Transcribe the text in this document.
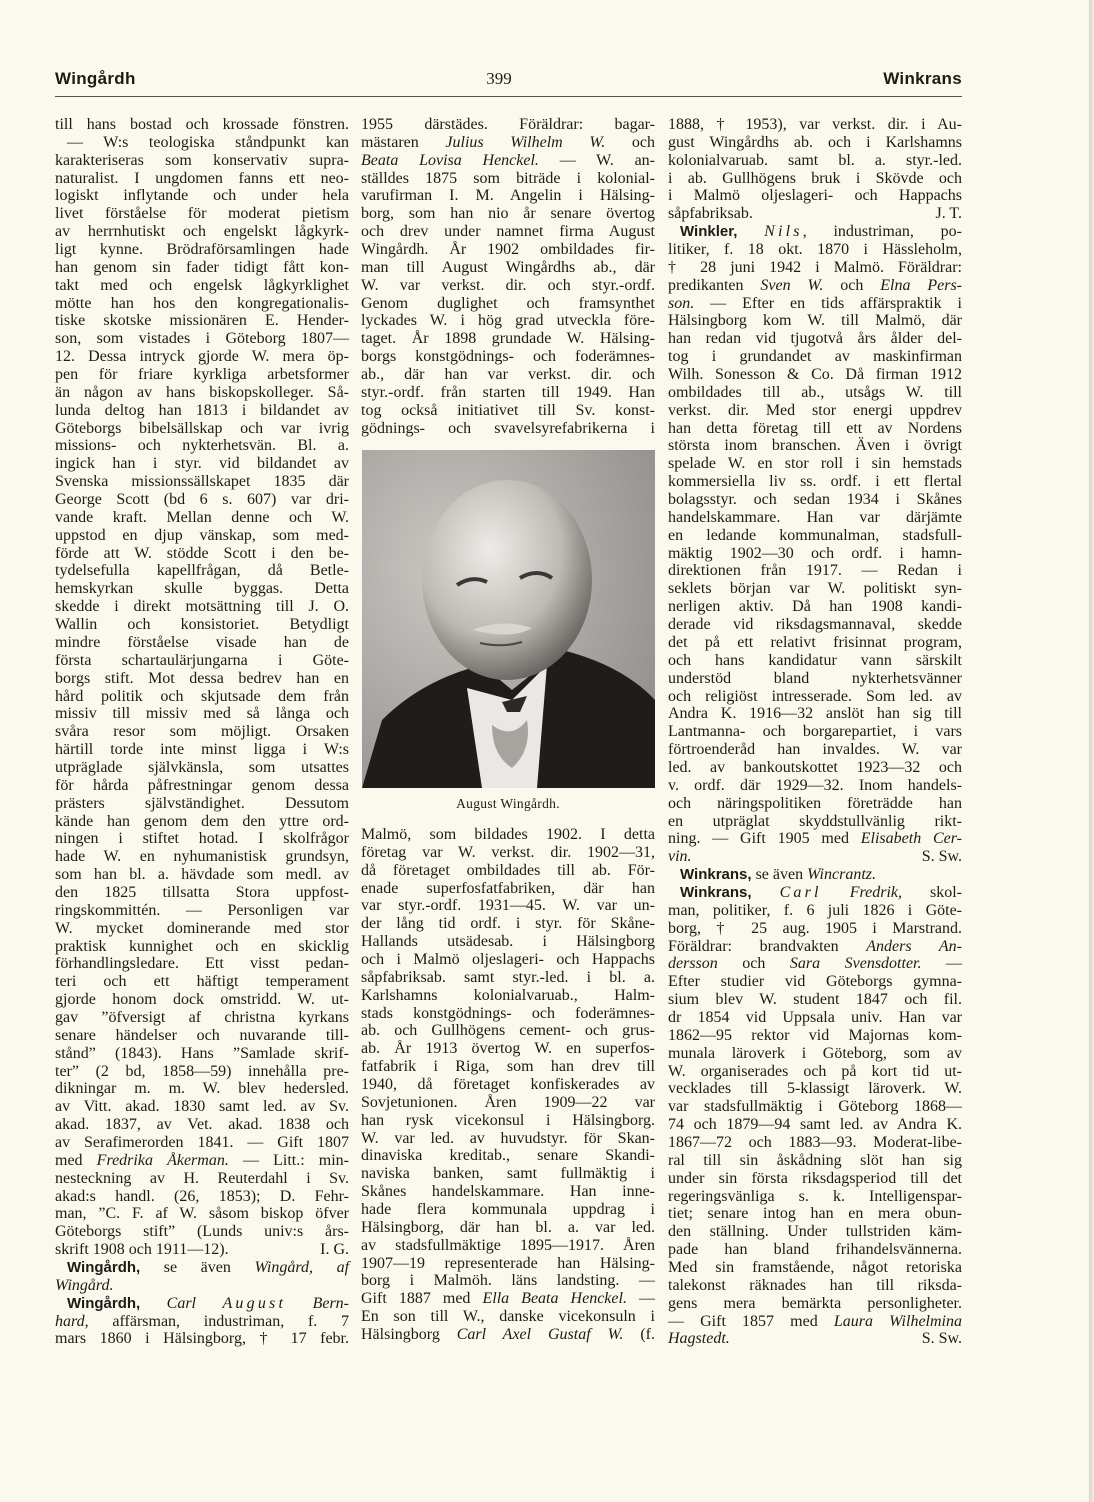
Wingårdh	399	Winkrans
till hans bostad och krossade fönstren.
— W:s teologiska ståndpunkt kan
karakteriseras som konservativ supra-
naturalist. I ungdomen fanns ett neo-
logiskt inflytande och under hela
livet förståelse för moderat pietism
av herrnhutiskt och engelskt lågkyrk-
ligt kynne. Brödraförsamlingen hade
han genom sin fader tidigt fått kon-
takt med och engelsk lågkyrklighet
mötte han hos den kongregationalis-
tiske skotske missionären E. Hender-
son, som vistades i Göteborg 1807—
12. Dessa intryck gjorde W. mera öp-
pen för friare kyrkliga arbetsformer
än någon av hans biskopskolleger. Så-
lunda deltog han 1813 i bildandet av
Göteborgs bibelsällskap och var ivrig
missions- och nykterhetsvän. Bl. a.
ingick han i styr. vid bildandet av
Svenska missionssällskapet 1835 där
George Scott (bd 6 s. 607) var dri-
vande kraft. Mellan denne och W.
uppstod en djup vänskap, som med-
förde att W. stödde Scott i den be-
tydelsefulla kapellfrågan, då Betle-
hemskyrkan skulle byggas. Detta
skedde i direkt motsättning till J. O.
Wallin och konsistoriet. Betydligt
mindre förståelse visade han de
första schartaulärjungarna i Göte-
borgs stift. Mot dessa bedrev han en
hård politik och skjutsade dem från
missiv till missiv med så långa och
svåra resor som möjligt. Orsaken
härtill torde inte minst ligga i W:s
utpräglade självkänsla, som utsattes
för hårda påfrestningar genom dessa
prästers självständighet. Dessutom
kände han genom dem den yttre ord-
ningen i stiftet hotad. I skolfrågor
hade W. en nyhumanistisk grundsyn,
som han bl. a. hävdade som medl. av
den 1825 tillsatta Stora uppfost-
ringskommittén. — Personligen var
W. mycket dominerande med stor
praktisk kunnighet och en skicklig
förhandlingsledare. Ett visst pedan-
teri och ett häftigt temperament
gjorde honom dock omstridd. W. ut-
gav ”öfversigt af christna kyrkans
senare händelser och nuvarande till-
stånd” (1843). Hans ”Samlade skrif-
ter” (2 bd, 1858—59) innehålla pre-
dikningar m. m. W. blev hedersled.
av Vitt. akad. 1830 samt led. av Sv.
akad. 1837, av Vet. akad. 1838 och
av Serafimerorden 1841. — Gift 1807
med Fredrika Åkerman. — Litt.: min-
nesteckning av H. Reuterdahl i Sv.
akad:s handl. (26, 1853); D. Fehr-
man, ”C. F. af W. såsom biskop öfver
Göteborgs stift” (Lunds univ:s års-
skrift 1908 och 1911—12).	I. G.
Wingårdh, se även Wingård, af
Wingård.
Wingårdh, Carl August Bern-
hard, affärsman, industriman, f. 7
mars 1860 i Hälsingborg, † 17 febr.
1955 därstädes. Föräldrar: bagar-
mästaren Julius Wilhelm W. och
Beata Lovisa Henckel. — W. an-
ställdes 1875 som biträde i kolonial-
varufirman I. M. Angelin i Hälsing-
borg, som han nio år senare övertog
och drev under namnet firma August
Wingårdh. År 1902 ombildades fir-
man till August Wingårdhs ab., där
W. var verkst. dir. och styr.-ordf.
Genom duglighet och framsynthet
lyckades W. i hög grad utveckla före-
taget. År 1898 grundade W. Hälsing-
borgs konstgödnings- och foderämnes-
ab., där han var verkst. dir. och
styr.-ordf. från starten till 1949. Han
tog också initiativet till Sv. konst-
gödnings- och svavelsyrefabrikerna i
August Wingårdh.
Malmö, som bildades 1902. I detta
företag var W. verkst. dir. 1902—31,
då företaget ombildades till ab. För-
enade superfosfatfabriken, där han
var styr.-ordf. 1931—45. W. var un-
der lång tid ordf. i styr. för Skåne-
Hallands utsädesab. i Hälsingborg
och i Malmö oljeslageri- och Happachs
såpfabriksab. samt styr.-led. i bl. a.
Karlshamns kolonialvaruab., Halm-
stads konstgödnings- och foderämnes-
ab. och Gullhögens cement- och grus-
ab. År 1913 övertog W. en superfos-
fatfabrik i Riga, som han drev till
1940, då företaget konfiskerades av
Sovjetunionen. Åren 1909—22 var
han rysk vicekonsul i Hälsingborg.
W. var led. av huvudstyr. för Skan-
dinaviska kreditab., senare Skandi-
naviska banken, samt fullmäktig i
Skånes handelskammare. Han inne-
hade flera kommunala uppdrag i
Hälsingborg, där han bl. a. var led.
av stadsfullmäktige 1895—1917. Åren
1907—19 representerade han Hälsing-
borg i Malmöh. läns landsting. —
Gift 1887 med Ella Beata Henckel. —
En son till W., danske vicekonsuln i
Hälsingborg Carl Axel Gustaf W. (f.
1888, † 1953), var verkst. dir. i Au-
gust Wingårdhs ab. och i Karlshamns
kolonialvaruab. samt bl. a. styr.-led.
i ab. Gullhögens bruk i Skövde och
i Malmö oljeslageri- och Happachs
såpfabriksab.	J. T.
Winkler, Nils, industriman, po-
litiker, f. 18 okt. 1870 i Hässleholm,
† 28 juni 1942 i Malmö. Föräldrar:
predikanten Sven W. och Elna Pers-
son. — Efter en tids affärspraktik i
Hälsingborg kom W. till Malmö, där
han redan vid tjugotvå års ålder del-
tog i grundandet av maskinfirman
Wilh. Sonesson & Co. Då firman 1912
ombildades till ab., utsågs W. till
verkst. dir. Med stor energi uppdrev
han detta företag till ett av Nordens
största inom branschen. Även i övrigt
spelade W. en stor roll i sin hemstads
kommersiella liv ss. ordf. i ett flertal
bolagsstyr. och sedan 1934 i Skånes
handelskammare. Han var därjämte
en ledande kommunalman, stadsfull-
mäktig 1902—30 och ordf. i hamn-
direktionen från 1917. — Redan i
seklets början var W. politiskt syn-
nerligen aktiv. Då han 1908 kandi-
derade vid riksdagsmannaval, skedde
det på ett relativt frisinnat program,
och hans kandidatur vann särskilt
understöd bland nykterhetsvänner
och religiöst intresserade. Som led. av
Andra K. 1916—32 anslöt han sig till
Lantmanna- och borgarepartiet, i vars
förtroenderåd han invaldes. W. var
led. av bankoutskottet 1923—32 och
v. ordf. där 1929—32. Inom handels-
och näringspolitiken företrädde han
en utpräglat skyddstullvänlig rikt-
ning. — Gift 1905 med Elisabeth Cer-
vin.	S. Sw.
Winkrans, se även Wincrantz.
Winkrans, Carl Fredrik, skol-
man, politiker, f. 6 juli 1826 i Göte-
borg, † 25 aug. 1905 i Marstrand.
Föräldrar: brandvakten Anders An-
dersson och Sara Svensdotter. —
Efter studier vid Göteborgs gymna-
sium blev W. student 1847 och fil.
dr 1854 vid Uppsala univ. Han var
1862—95 rektor vid Majornas kom-
munala läroverk i Göteborg, som av
W. organiserades och på kort tid ut-
vecklades till 5-klassigt läroverk. W.
var stadsfullmäktig i Göteborg 1868—
74 och 1879—94 samt led. av Andra K.
1867—72 och 1883—93. Moderat-libe-
ral till sin åskådning slöt han sig
under sin första riksdagsperiod till det
regeringsvänliga s. k. Intelligenspar-
tiet; senare intog han en mera obun-
den ställning. Under tullstriden käm-
pade han bland frihandelsvännerna.
Med sin framstående, något retoriska
talekonst räknades han till riksda-
gens mera bemärkta personligheter.
— Gift 1857 med Laura Wilhelmina
Hagstedt.	S. Sw.
